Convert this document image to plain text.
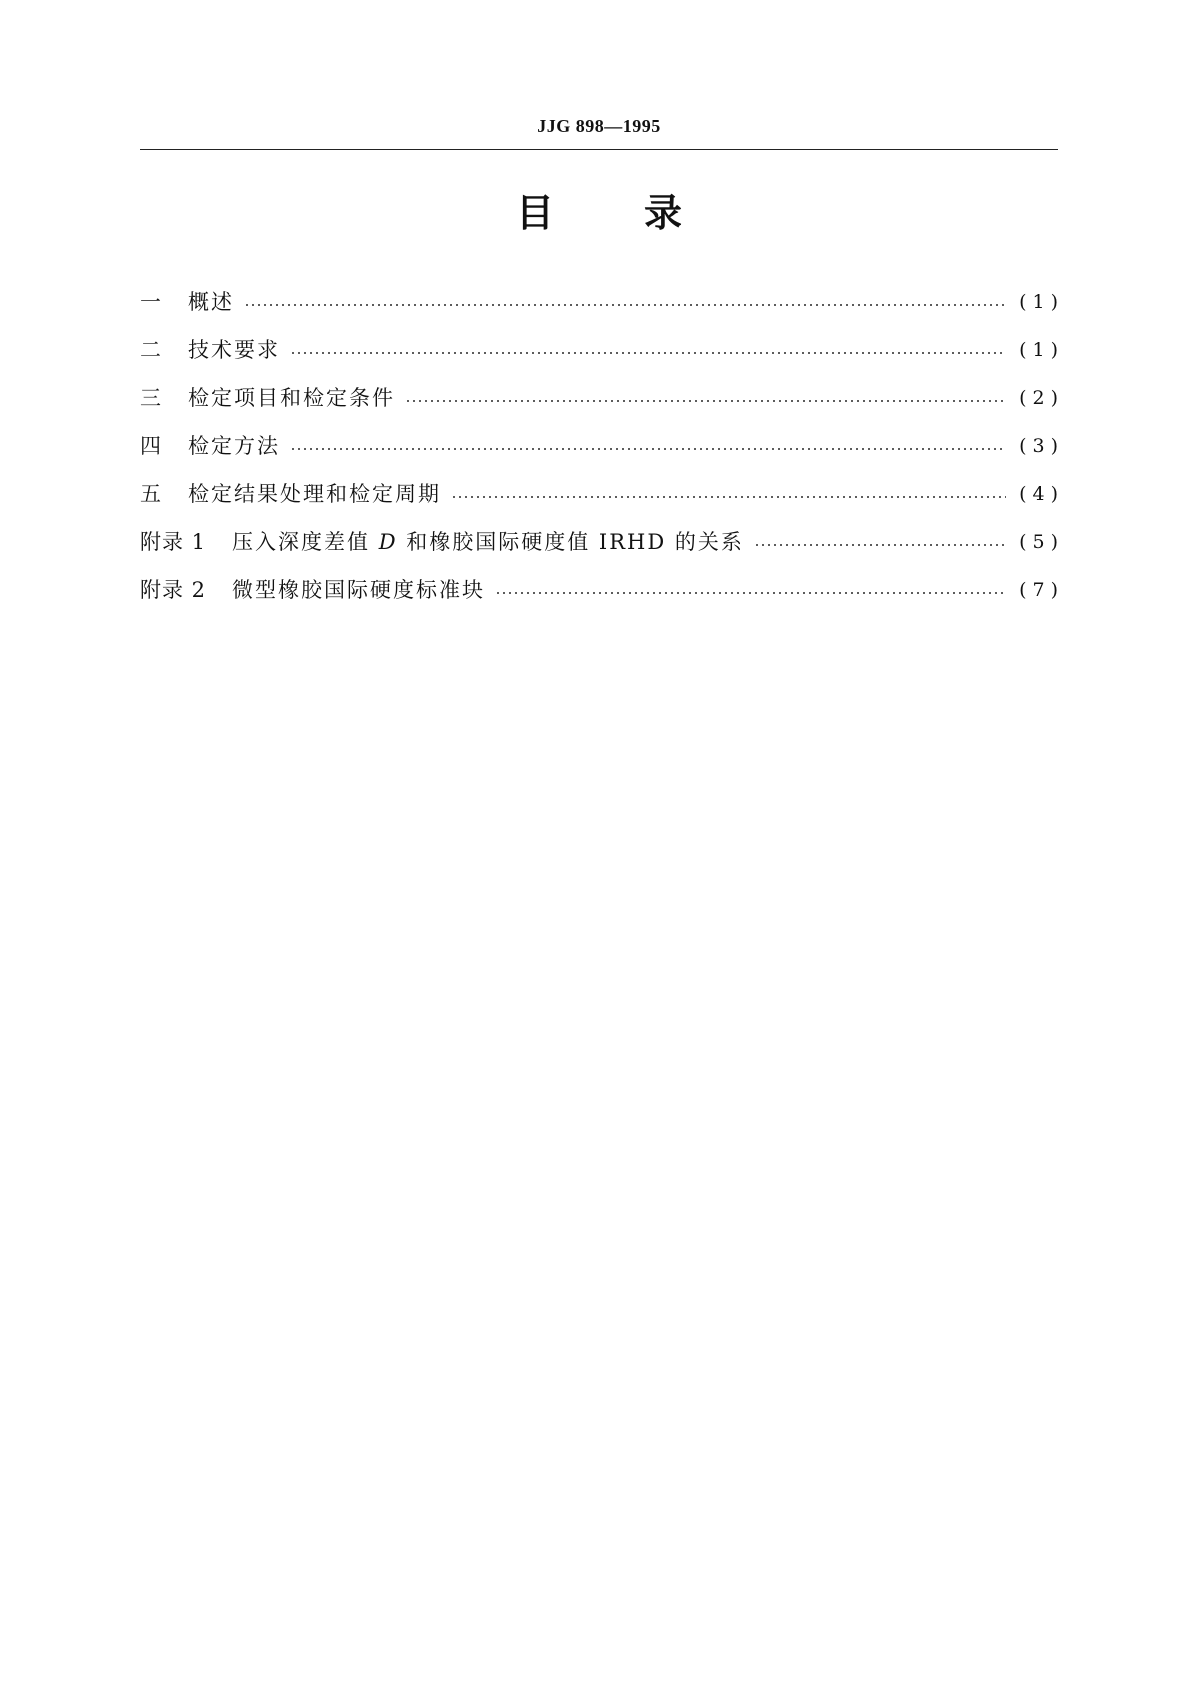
JJG 898—1995
目 录
一	概述	(1)
二	技术要求	(1)
三	检定项目和检定条件	(2)
四	检定方法	(3)
五	检定结果处理和检定周期	(4)
附录 1	压入深度差值 D 和橡胶国际硬度值 IRHD 的关系	(5)
附录 2	微型橡胶国际硬度标准块	(7)
